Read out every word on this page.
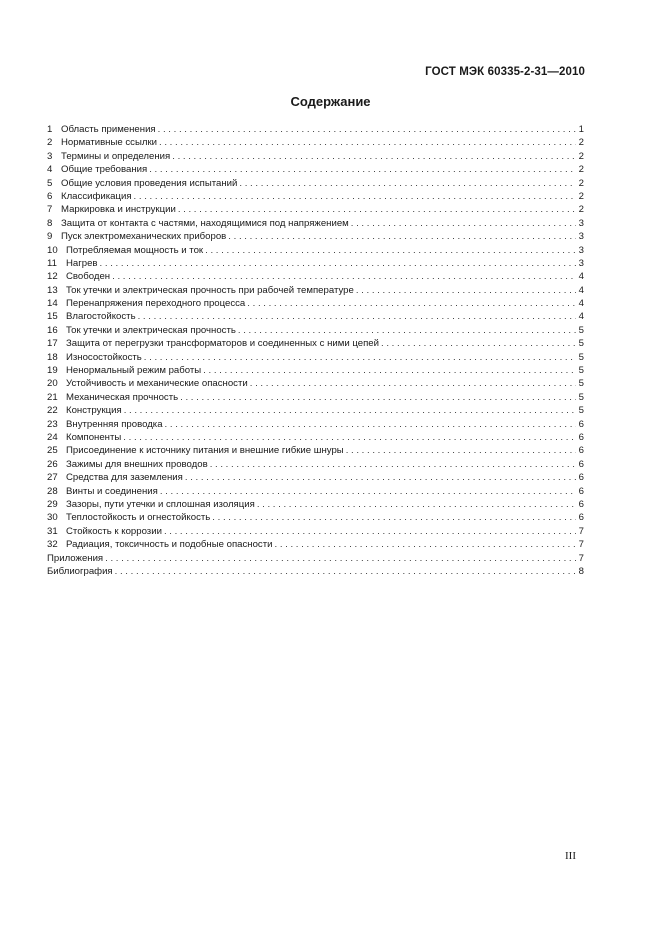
ГОСТ МЭК 60335-2-31—2010
Содержание
1 Область применения . . .	1
2 Нормативные ссылки . . .	2
3 Термины и определения . . .	2
4 Общие требования . . .	2
5 Общие условия проведения испытаний . . .	2
6 Классификация . . .	2
7 Маркировка и инструкции . . .	2
8 Защита от контакта с частями, находящимися под напряжением . . .	3
9 Пуск электромеханических приборов . . .	3
10 Потребляемая мощность и ток . . .	3
11 Нагрев . . .	3
12 Свободен . . .	4
13 Ток утечки и электрическая прочность при рабочей температуре . . .	4
14 Перенапряжения переходного процесса . . .	4
15 Влагостойкость . . .	4
16 Ток утечки и электрическая прочность . . .	5
17 Защита от перегрузки трансформаторов и соединенных с ними цепей . . .	5
18 Износостойкость . . .	5
19 Ненормальный режим работы . . .	5
20 Устойчивость и механические опасности . . .	5
21 Механическая прочность . . .	5
22 Конструкция . . .	5
23 Внутренняя проводка . . .	6
24 Компоненты . . .	6
25 Присоединение к источнику питания и внешние гибкие шнуры . . .	6
26 Зажимы для внешних проводов . . .	6
27 Средства для заземления . . .	6
28 Винты и соединения . . .	6
29 Зазоры, пути утечки и сплошная изоляция . . .	6
30 Теплостойкость и огнестойкость . . .	6
31 Стойкость к коррозии . . .	7
32 Радиация, токсичность и подобные опасности . . .	7
Приложения . . .	7
Библиография . . .	8
III
